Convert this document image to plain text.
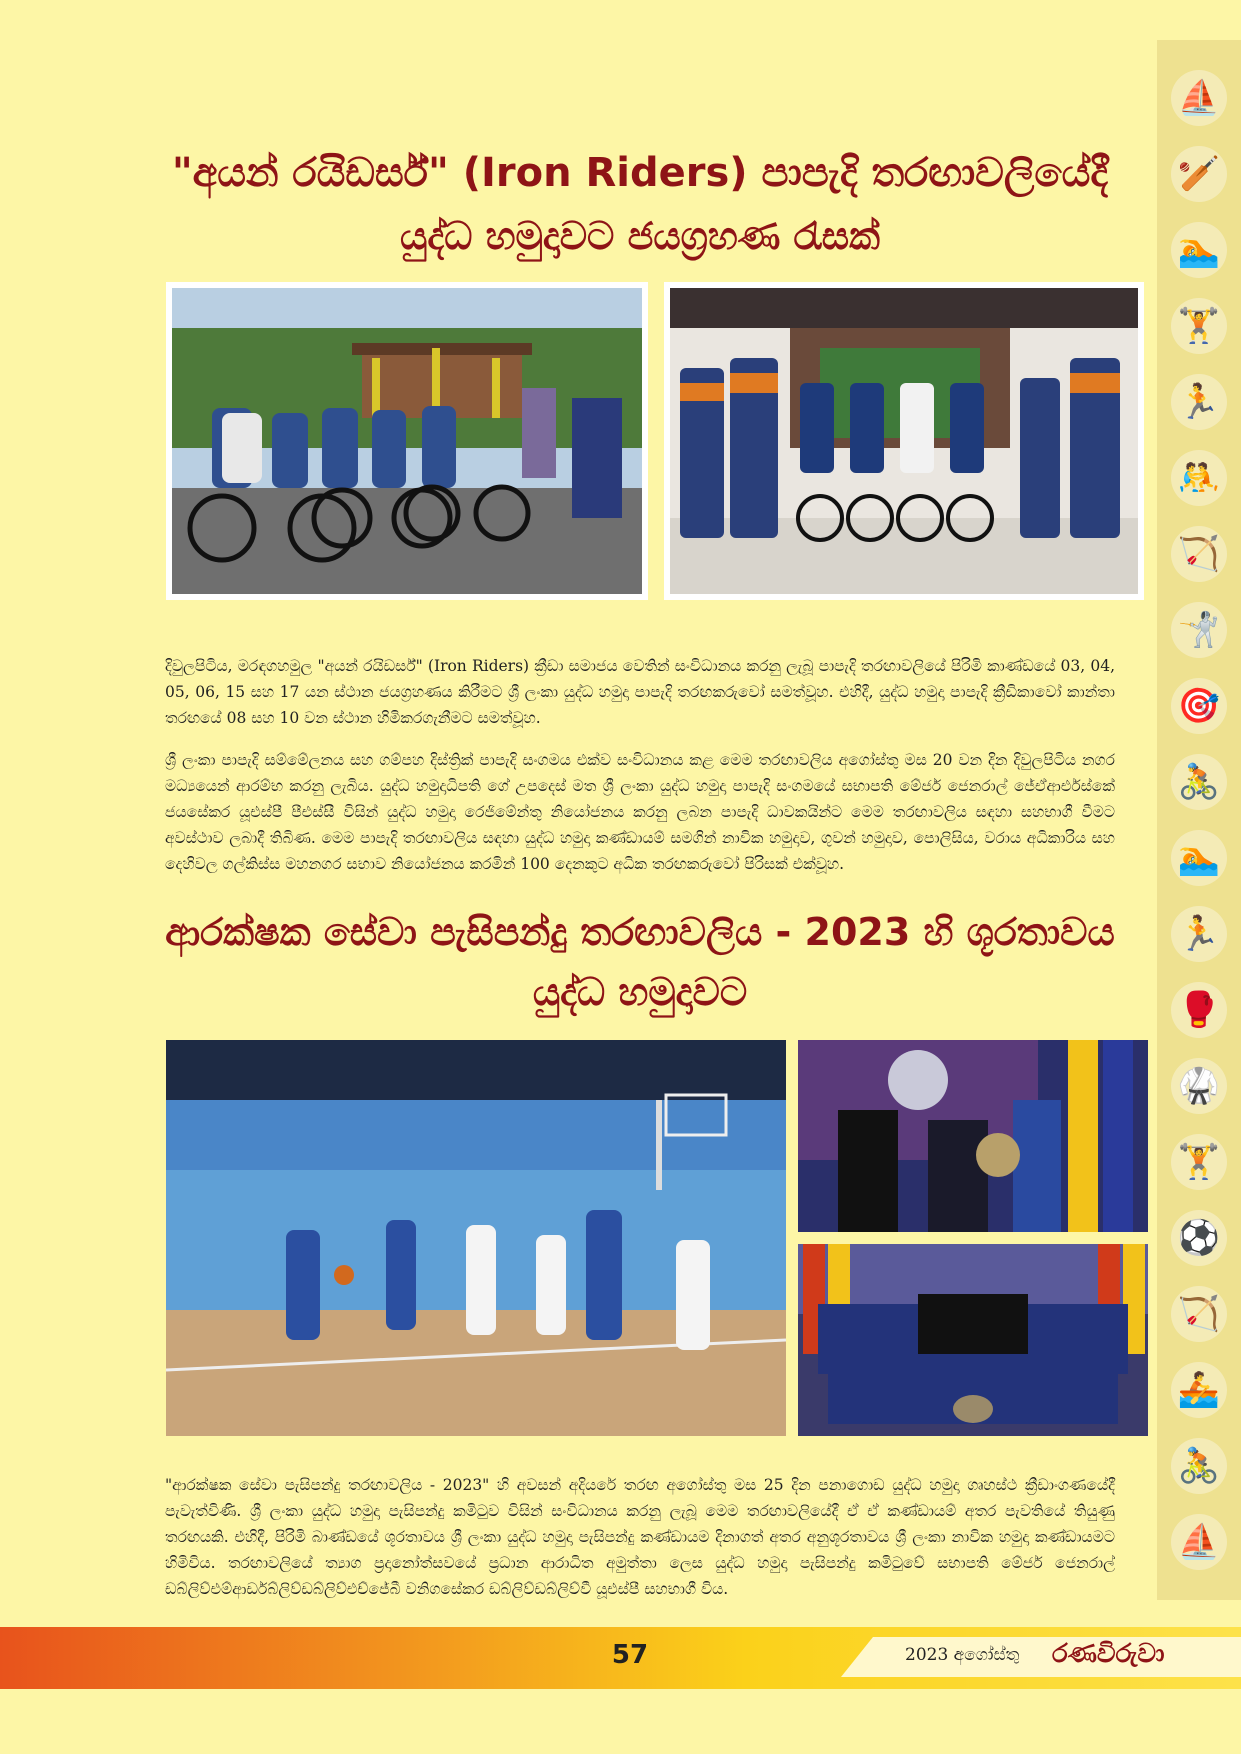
⛵
🏏
🏊
🏋
🏃
🤼
🏹
🤺
🎯
🚴
🏊
🏃
🥊
🥋
🏋
⚽
🏹
🚣
🚴
⛵
"අයන් රයිඩර්ස්" (Iron Riders) පාපැදි තරඟාවලියේදී
යුද්ධ හමුදාවට ජයග්‍රහණ රැසක්

දිවුලපිටිය, මරඳගහමුල "අයන් රයිඩර්ස්" (Iron Riders) ක්‍රීඩා සමාජය වෙතින් සංවිධානය කරනු ලැබූ පාපැදි තරඟාවලියේ පිරිමි කාණ්ඩයේ 03, 04, 05, 06, 15 සහ 17 යන ස්ථාන ජයග්‍රහණය කිරීමට ශ්‍රී ලංකා යුද්ධ හමුදා පාපැදි තරඟකරුවෝ සමත්වූහ. එහිදී, යුද්ධ හමුදා පාපැදි ක්‍රීඩිකාවෝ කාන්තා තරඟයේ 08 සහ 10 වන ස්ථාන හිමිකරගැනීමට සමත්වූහ.

ශ්‍රී ලංකා පාපැදි සම්මේලනය සහ ගම්පහ දිස්ත්‍රික් පාපැදි සංගමය එක්ව සංවිධානය කළ මෙම තරඟාවලිය අගෝස්තු මස 20 වන දින දිවුලපිටිය නගර මධ්‍යයෙන් ආරම්භ කරනු ලැබිය. යුද්ධ හමුදාධිපති ගේ උපදෙස් මත ශ්‍රී ලංකා යුද්ධ හමුදා පාපැදි සංගමයේ සභාපති මේජර් ජෙනරාල් ජේඒආර්එස්කේ ජයසේකර යූඑස්පී පීඑස්සී විසින් යුද්ධ හමුදා රෙජිමේන්තු නියෝජනය කරනු ලබන පාපැදි ධාවකයින්ට මෙම තරඟාවලිය සඳහා සහභාගී වීමට අවස්ථාව ලබාදී තිබිණ. මෙම පාපැදි තරඟාවලිය සඳහා යුද්ධ හමුදා කණ්ඩායම් සමගින් නාවික හමුදාව, ගුවන් හමුදාව, පොලිසිය, වරාය අධිකාරිය සහ දෙහිවල ගල්කිස්ස මහනගර සභාව නියෝජනය කරමින් 100 දෙනකුට අධික තරඟකරුවෝ පිරිසක් එක්වූහ.

ආරක්ෂක සේවා පැසිපන්දු තරඟාවලිය - 2023 හි ශූරතාවය
යුද්ධ හමුදාවට

"ආරක්ෂක සේවා පැසිපන්දු තරඟාවලිය - 2023" හි අවසන් අදියරේ තරඟ අගෝස්තු මස 25 දින පනාගොඩ යුද්ධ හමුදා ගෘහස්ථ ක්‍රීඩාංගණයේදී පැවැත්විණි. ශ්‍රී ලංකා යුද්ධ හමුදා පැසිපන්දු කමිටුව විසින් සංවිධානය කරනු ලැබූ මෙම තරඟාවලියේදී ඒ ඒ කණ්ඩායම් අතර පැවතියේ තියුණු තරඟයකි. එහිදී, පිරිමි බාණ්ඩයේ ශූරතාවය ශ්‍රී ලංකා යුද්ධ හමුදා පැසිපන්දු කණ්ඩායම දිනාගත් අතර අනුශූරතාවය ශ්‍රී ලංකා නාවික හමුදා කණ්ඩායමට හිමිවිය. තරඟාවලියේ ත්‍යාග ප්‍රදානෝත්සවයේ ප්‍රධාන ආරාධිත අමුත්තා ලෙස යුද්ධ හමුදා පැසිපන්දු කමිටුවේ සභාපති මේජර් ජෙනරාල් ඩබ්ලිව්එම්ආර්ඩබ්ලිව්ඩබ්ලිව්එච්ජේබී වනිගසේකර ඩබ්ලිව්ඩබ්ලිව්වී යූඑස්පී සහභාගී විය.

57	2023 අගෝස්තු රණවිරුවා
